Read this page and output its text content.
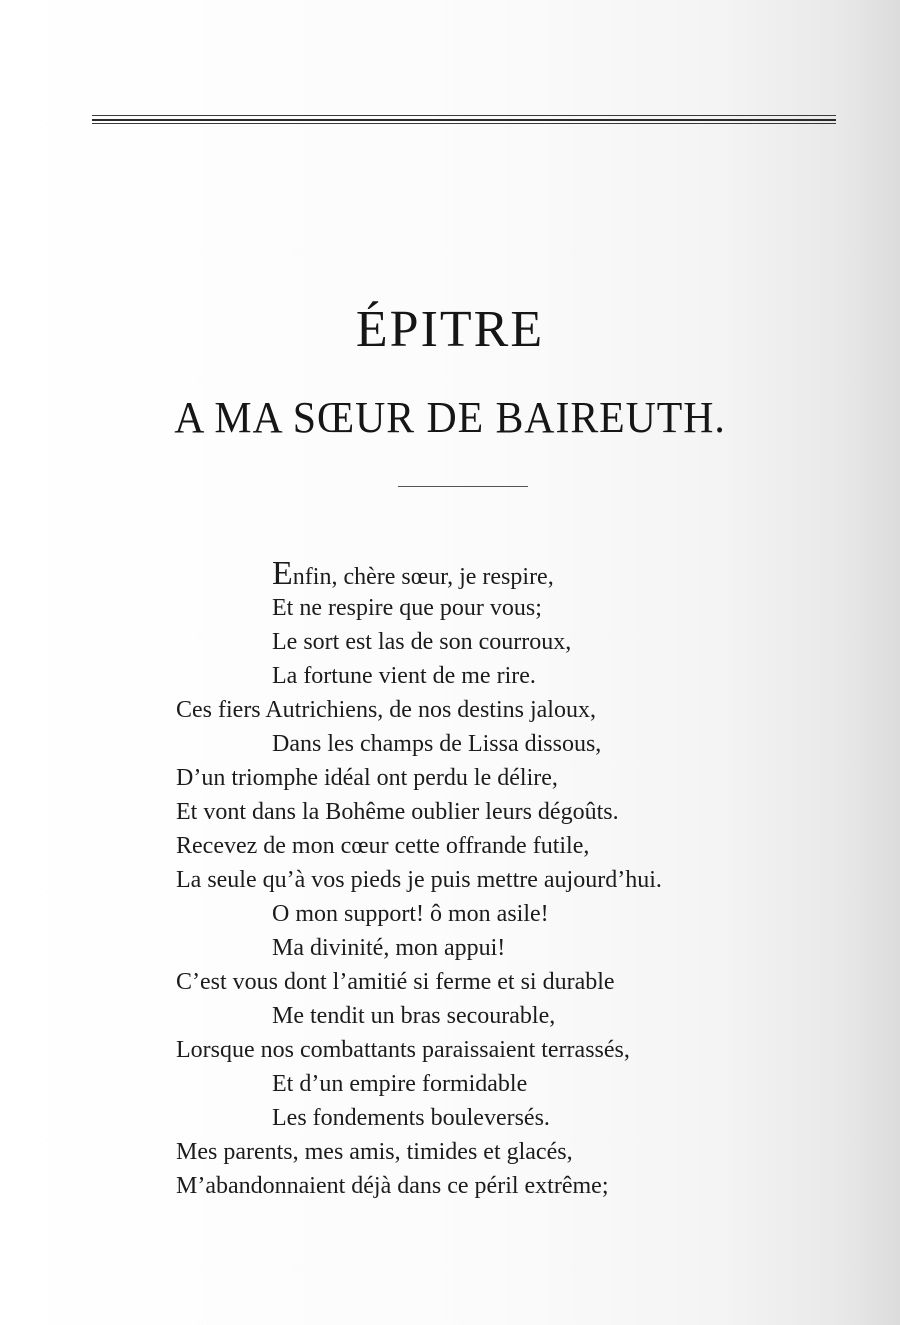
ÉPITRE
A MA SŒUR DE BAIREUTH.
Enfin, chère sœur, je respire,
Et ne respire que pour vous;
Le sort est las de son courroux,
La fortune vient de me rire.
Ces fiers Autrichiens, de nos destins jaloux,
Dans les champs de Lissa dissous,
D’un triomphe idéal ont perdu le délire,
Et vont dans la Bohême oublier leurs dégoûts.
Recevez de mon cœur cette offrande futile,
La seule qu’à vos pieds je puis mettre aujourd’hui.
O mon support! ô mon asile!
Ma divinité, mon appui!
C’est vous dont l’amitié si ferme et si durable
Me tendit un bras secourable,
Lorsque nos combattants paraissaient terrassés,
Et d’un empire formidable
Les fondements bouleversés.
Mes parents, mes amis, timides et glacés,
M’abandonnaient déjà dans ce péril extrême;
